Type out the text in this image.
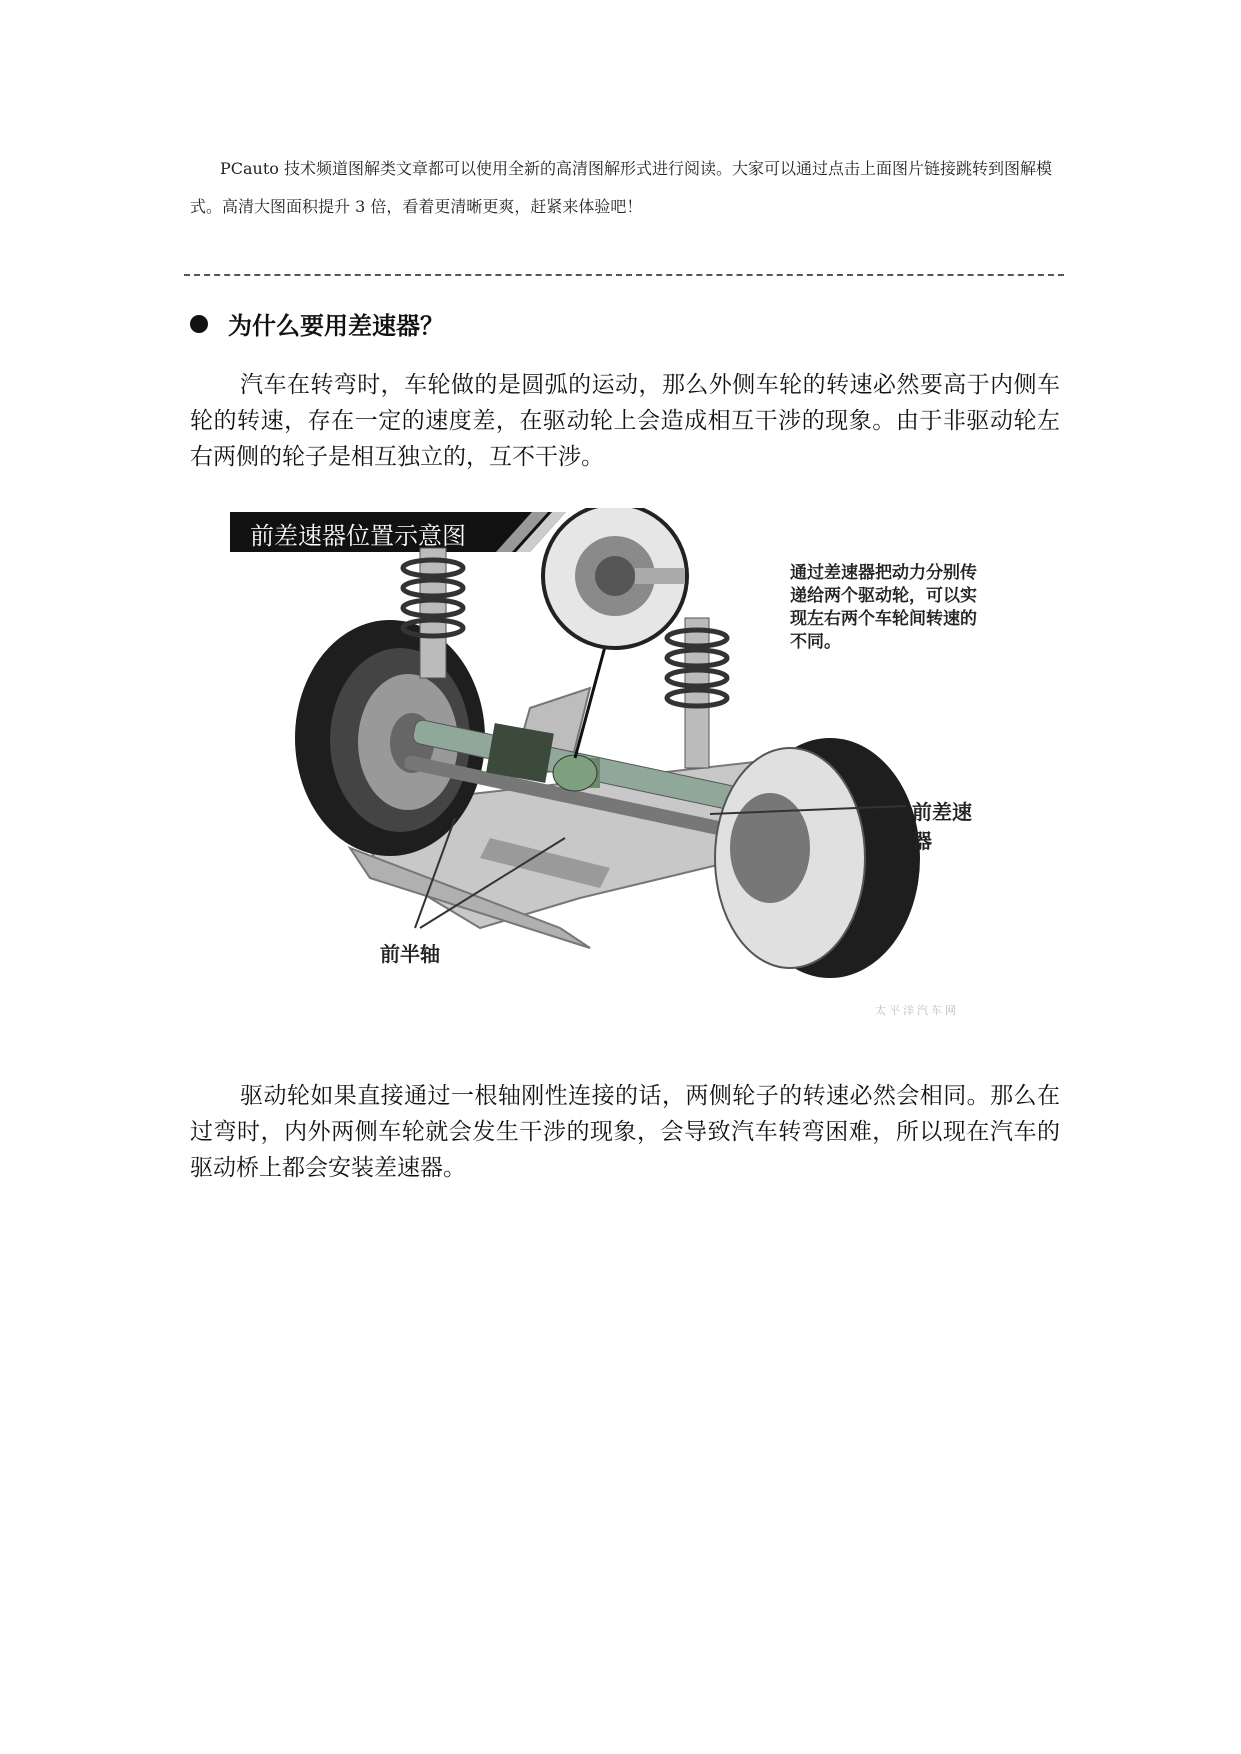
PCauto 技术频道图解类文章都可以使用全新的高清图解形式进行阅读。大家可以通过点击上面图片链接跳转到图解模式。高清大图面积提升 3 倍，看着更清晰更爽，赶紧来体验吧！
为什么要用差速器？
汽车在转弯时，车轮做的是圆弧的运动，那么外侧车轮的转速必然要高于内侧车轮的转速，存在一定的速度差，在驱动轮上会造成相互干涉的现象。由于非驱动轮左右两侧的轮子是相互独立的，互不干涉。
前差速器位置示意图
通过差速器把动力分别传递给两个驱动轮，可以实现左右两个车轮间转速的不同。
前差速器
前半轴
太平洋汽车网
驱动轮如果直接通过一根轴刚性连接的话，两侧轮子的转速必然会相同。那么在过弯时，内外两侧车轮就会发生干涉的现象，会导致汽车转弯困难，所以现在汽车的驱动桥上都会安装差速器。
